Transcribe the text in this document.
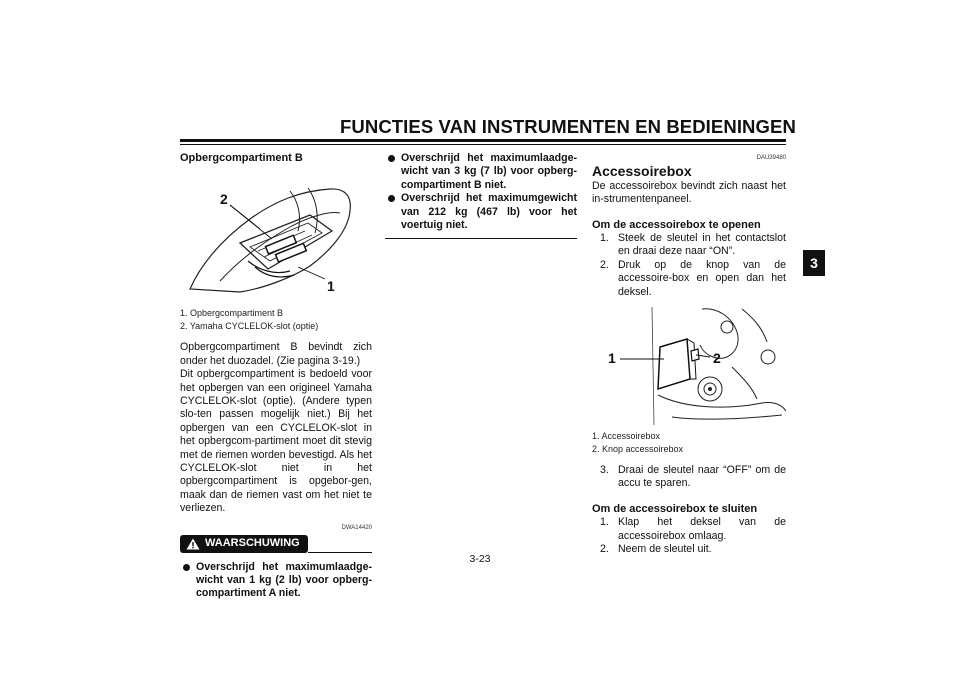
FUNCTIES VAN INSTRUMENTEN EN BEDIENINGEN
3
Opbergcompartiment B
2
1
1. Opbergcompartiment B
2. Yamaha CYCLELOK-slot (optie)
Opbergcompartiment B bevindt zich onder het duozadel. (Zie pagina 3-19.)
Dit opbergcompartiment is bedoeld voor het opbergen van een origineel Yamaha CYCLELOK-slot (optie). (Andere typen slo-ten passen mogelijk niet.) Bij het opbergen van een CYCLELOK-slot in het opbergcom-partiment moet dit stevig met de riemen worden bevestigd. Als het CYCLELOK-slot niet in het opbergcompartiment is opgebor-gen, maak dan de riemen vast om het niet te verliezen.
DWA14420
WAARSCHUWING
Overschrijd het maximumlaadge-wicht van 1 kg (2 lb) voor opberg-compartiment A niet.
Overschrijd het maximumlaadge-wicht van 3 kg (7 lb) voor opberg-compartiment B niet.
Overschrijd het maximumgewicht van 212 kg (467 lb) voor het voertuig niet.
DAU39480
Accessoirebox
De accessoirebox bevindt zich naast het in-strumentenpaneel.
Om de accessoirebox te openen
1. Steek de sleutel in het contactslot en draai deze naar “ON”.
2. Druk op de knop van de accessoire-box en open dan het deksel.
1	2
1. Accessoirebox
2. Knop accessoirebox
3. Draai de sleutel naar “OFF” om de accu te sparen.
Om de accessoirebox te sluiten
1. Klap het deksel van de accessoirebox omlaag.
2. Neem de sleutel uit.
3-23
